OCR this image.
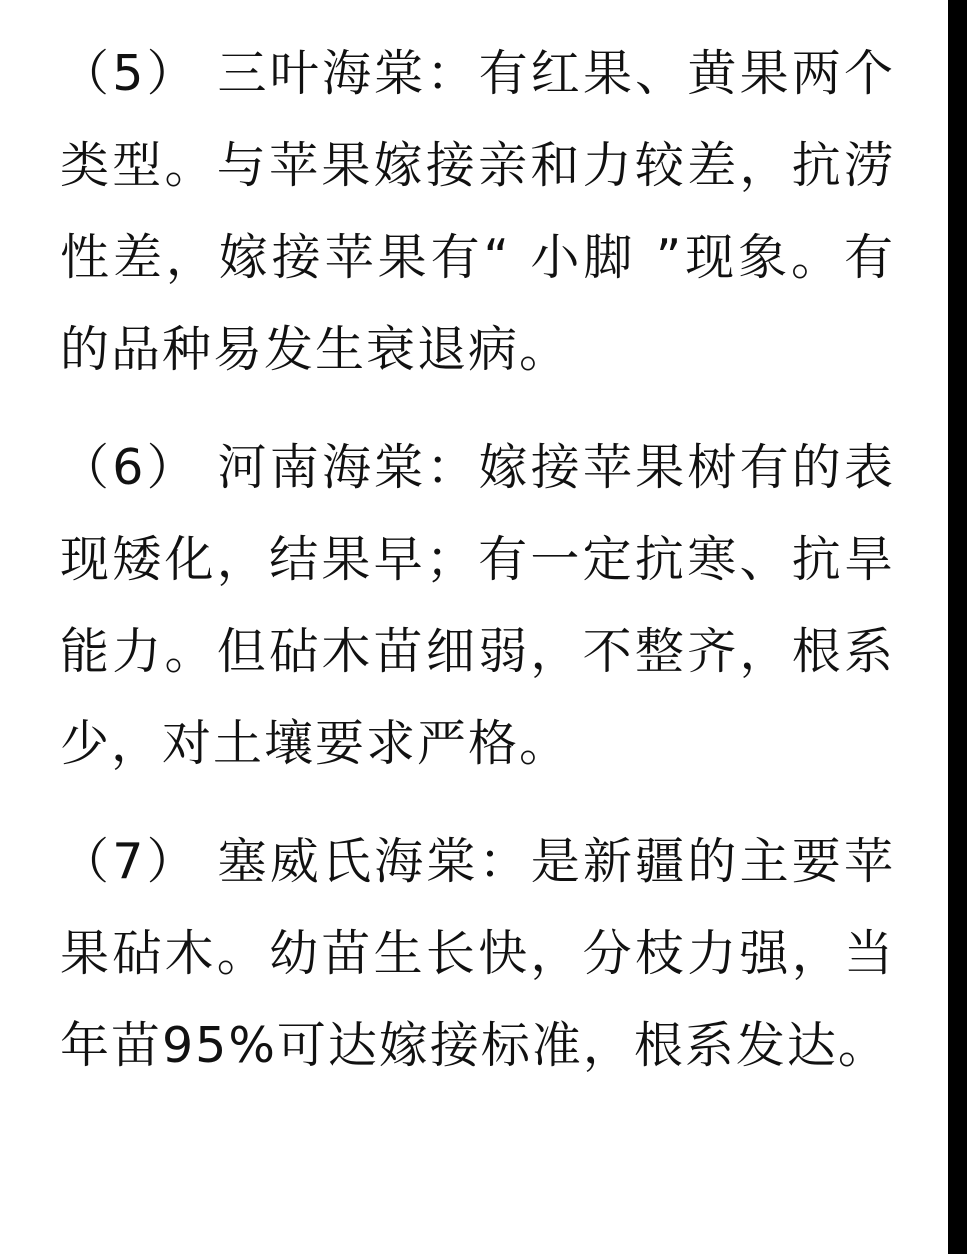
（5） 三叶海棠：有红果、黄果两个类型。与苹果嫁接亲和力较差，抗涝性差，嫁接苹果有“ 小脚 ”现象。有的品种易发生衰退病。

（6） 河南海棠：嫁接苹果树有的表现矮化，结果早；有一定抗寒、抗旱能力。但砧木苗细弱，不整齐，根系少，对土壤要求严格。

（7） 塞威氏海棠：是新疆的主要苹果砧木。幼苗生长快，分枝力强，当年苗95%可达嫁接标准，根系发达。
